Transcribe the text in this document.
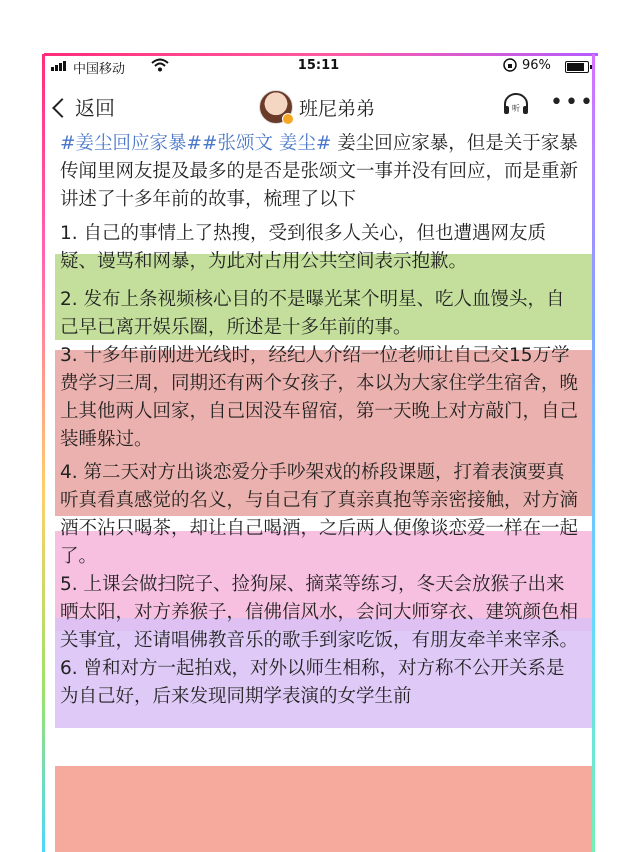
中国移动	15:11	96%
返回	班尼弟弟	听 •••

#姜尘回应家暴##张颂文 姜尘# 姜尘回应家暴，但是关于家暴传闻里网友提及最多的是否是张颂文一事并没有回应，而是重新讲述了十多年前的故事，梳理了以下

1. 自己的事情上了热搜，受到很多人关心，但也遭遇网友质疑、谩骂和网暴，为此对占用公共空间表示抱歉。

2. 发布上条视频核心目的不是曝光某个明星、吃人血馒头，自己早已离开娱乐圈，所述是十多年前的事。

3. 十多年前刚进光线时，经纪人介绍一位老师让自己交15万学费学习三周，同期还有两个女孩子，本以为大家住学生宿舍，晚上其他两人回家，自己因没车留宿，第一天晚上对方敲门，自己装睡躲过。

4. 第二天对方出谈恋爱分手吵架戏的桥段课题，打着表演要真听真看真感觉的名义，与自己有了真亲真抱等亲密接触，对方滴酒不沾只喝茶，却让自己喝酒，之后两人便像谈恋爱一样在一起了。

5. 上课会做扫院子、捡狗屎、摘菜等练习，冬天会放猴子出来晒太阳，对方养猴子，信佛信风水，会问大师穿衣、建筑颜色相关事宜，还请唱佛教音乐的歌手到家吃饭，有朋友牵羊来宰杀。

6. 曾和对方一起拍戏，对外以师生相称，对方称不公开关系是为自己好，后来发现同期学表演的女学生前
